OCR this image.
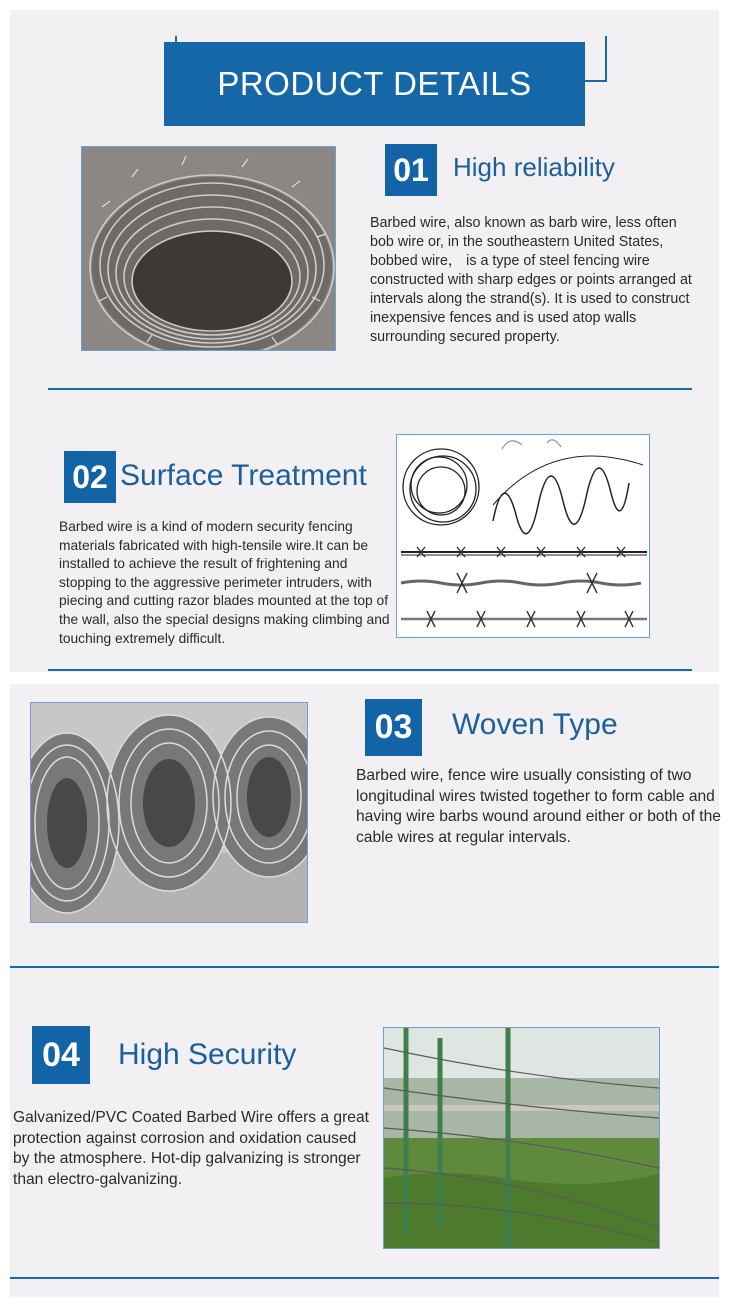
PRODUCT DETAILS
01 High reliability

Barbed wire, also known as barb wire, less often bob wire or, in the southeastern United States, bobbed wire， is a type of steel fencing wire constructed with sharp edges or points arranged at intervals along the strand(s). It is used to construct inexpensive fences and is used atop walls surrounding secured property.

02 Surface Treatment

Barbed wire is a kind of modern security fencing materials fabricated with high-tensile wire.It can be installed to achieve the result of frightening and stopping to the aggressive perimeter intruders, with piecing and cutting razor blades mounted at the top of the wall, also the special designs making climbing and touching extremely difficult.

03	Woven Type

Barbed wire, fence wire usually consisting of two longitudinal wires twisted together to form cable and having wire barbs wound around either or both of the cable wires at regular intervals.

04	High Security

Galvanized/PVC Coated Barbed Wire offers a great protection against corrosion and oxidation caused by the atmosphere. Hot-dip galvanizing is stronger than electro-galvanizing.
